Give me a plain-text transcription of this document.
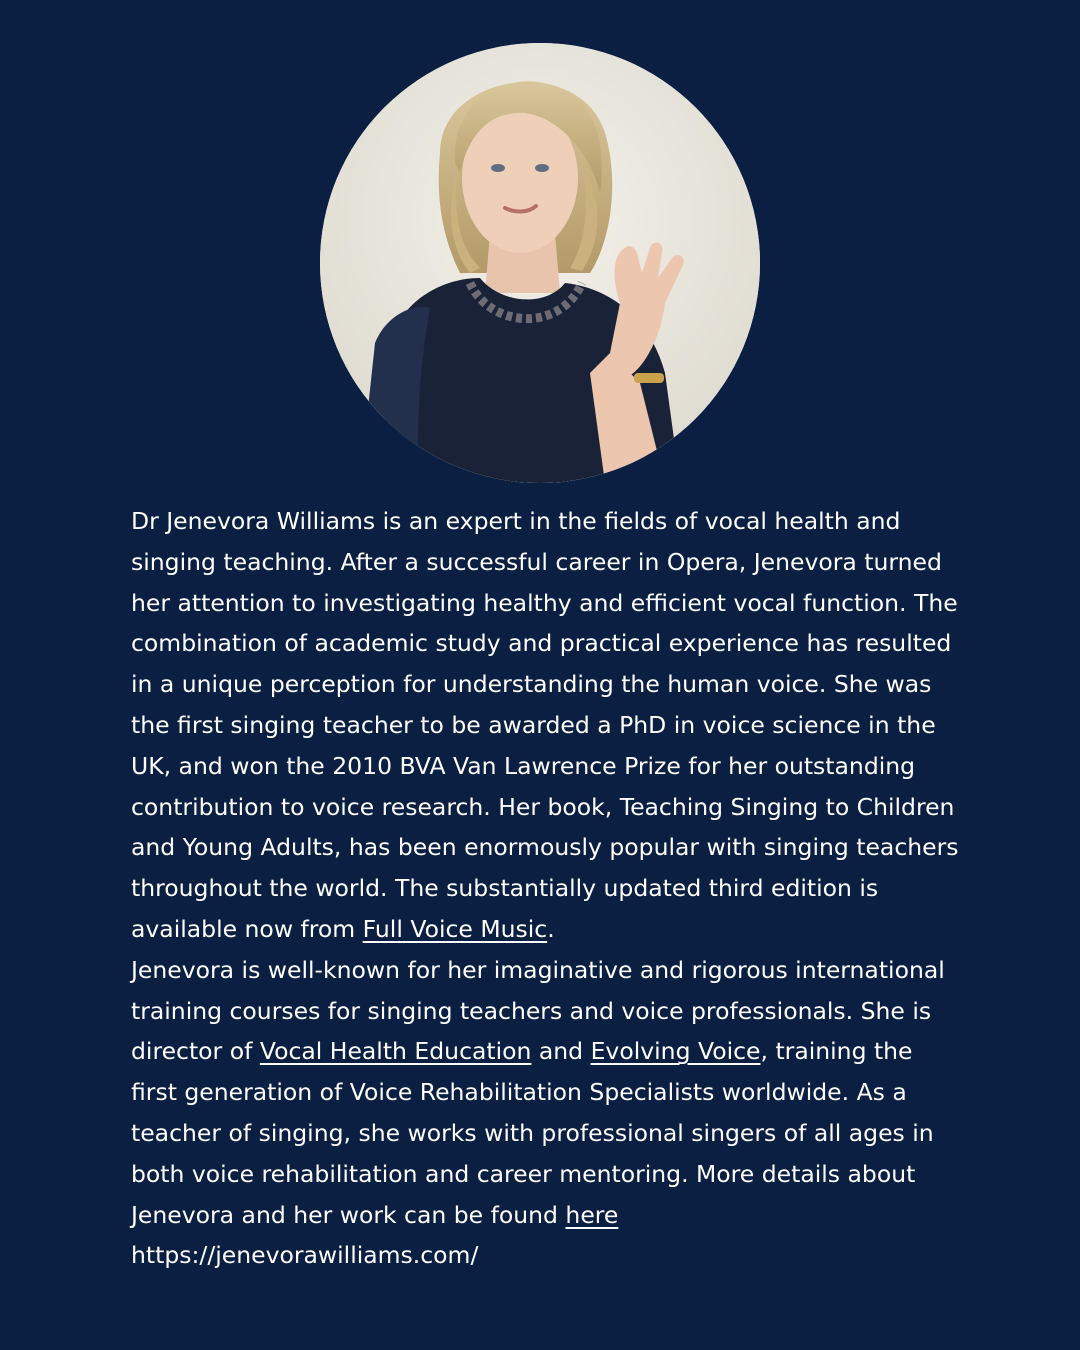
Dr Jenevora Williams is an expert in the fields of vocal health and singing teaching. After a successful career in Opera, Jenevora turned her attention to investigating healthy and efficient vocal function. The combination of academic study and practical experience has resulted in a unique perception for understanding the human voice. She was the first singing teacher to be awarded a PhD in voice science in the UK, and won the 2010 BVA Van Lawrence Prize for her outstanding contribution to voice research. Her book, Teaching Singing to Children and Young Adults, has been enormously popular with singing teachers throughout the world. The substantially updated third edition is available now from Full Voice Music.

Jenevora is well-known for her imaginative and rigorous international training courses for singing teachers and voice professionals. She is director of Vocal Health Education and Evolving Voice, training the first generation of Voice Rehabilitation Specialists worldwide. As a teacher of singing, she works with professional singers of all ages in both voice rehabilitation and career mentoring. More details about Jenevora and her work can be found here https://jenevorawilliams.com/
